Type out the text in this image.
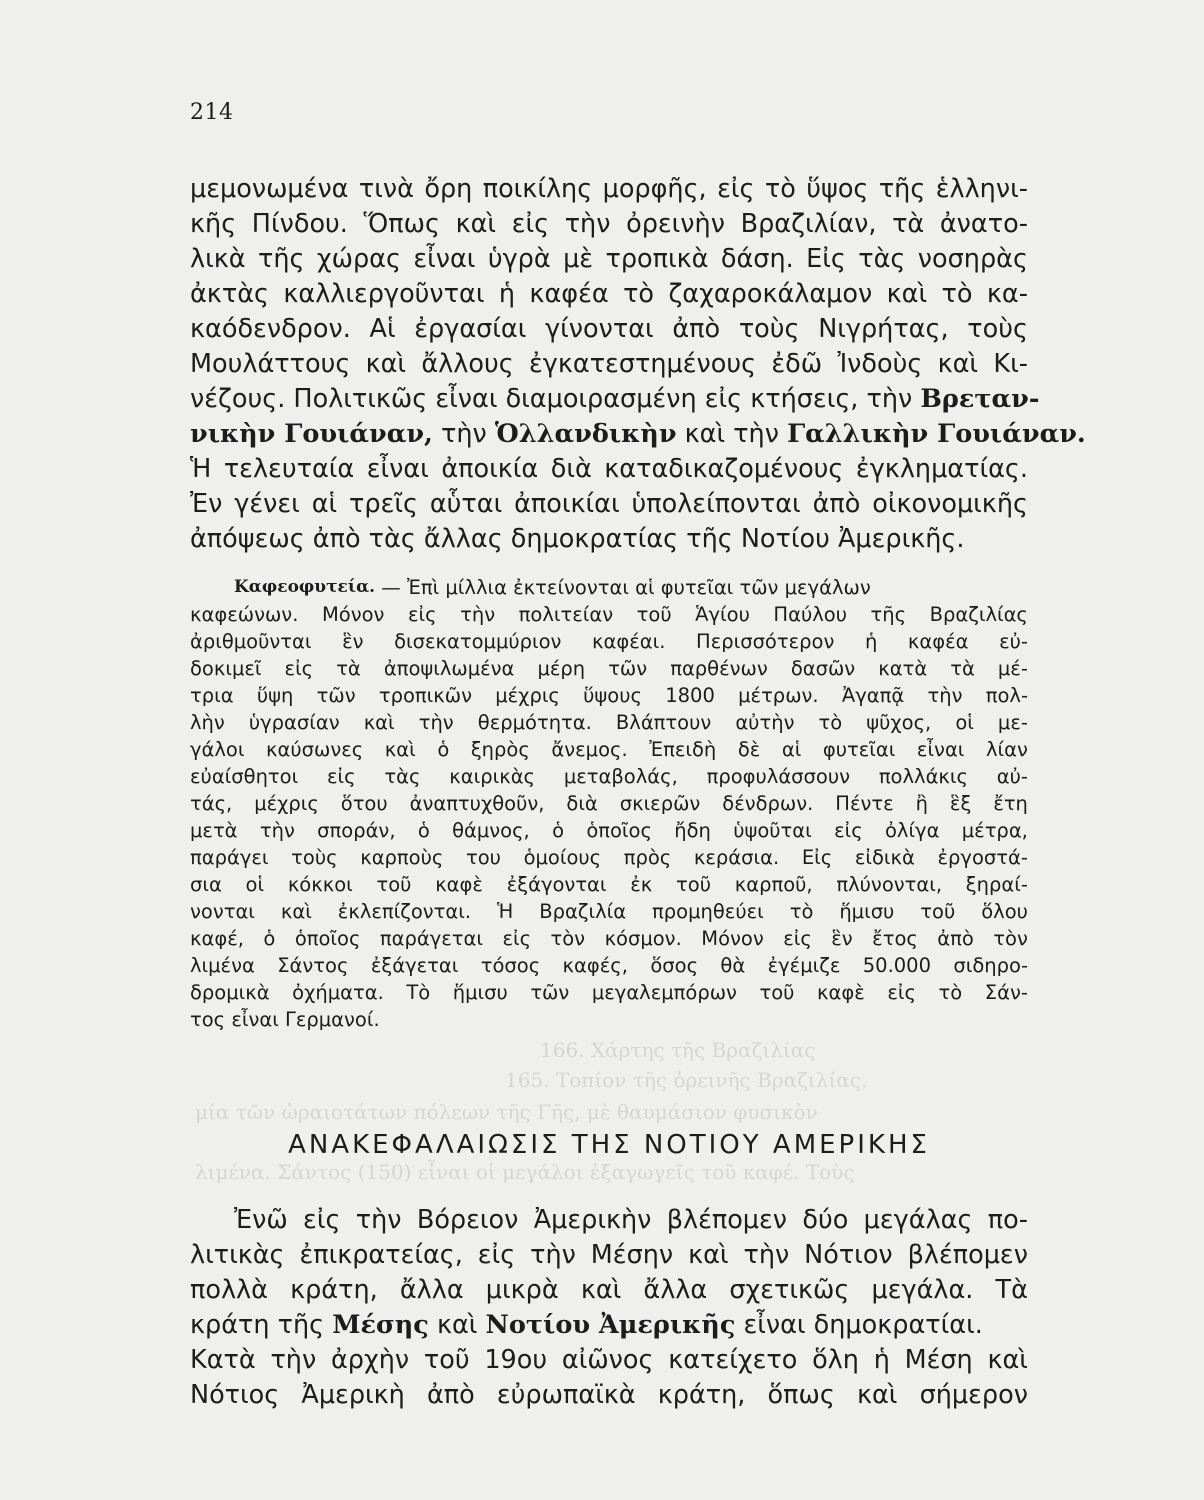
166. Χάρτης τῆς Βραζιλίας
165. Τοπίον τῆς ὀρεινῆς Βραζιλίας.
μία τῶν ὡραιοτάτων πόλεων τῆς Γῆς, μὲ θαυμάσιον φυσικὸν
λιμένα. Σάντος (150) εἶναι οἱ μεγάλοι ἐξαγωγεῖς τοῦ καφέ. Τοὺς
214
μεμονωμένα τινὰ ὄρη ποικίλης μορφῆς, εἰς τὸ ὕψος τῆς ἑλληνι-
κῆς Πίνδου. Ὅπως καὶ εἰς τὴν ὀρεινὴν Βραζιλίαν, τὰ ἀνατο-
λικὰ τῆς χώρας εἶναι ὑγρὰ μὲ τροπικὰ δάση. Εἰς τὰς νοσηρὰς
ἀκτὰς καλλιεργοῦνται ἡ καφέα τὸ ζαχαροκάλαμον καὶ τὸ κα-
καόδενδρον. Αἱ ἐργασίαι γίνονται ἀπὸ τοὺς Νιγρήτας, τοὺς
Μουλάττους καὶ ἄλλους ἐγκατεστημένους ἐδῶ Ἰνδοὺς καὶ Κι-
νέζους. Πολιτικῶς εἶναι διαμοιρασμένη εἰς κτήσεις, τὴν Βρεταν-
νικὴν Γουιάναν, τὴν Ὁλλανδικὴν καὶ τὴν Γαλλικὴν Γουιάναν.
Ἡ τελευταία εἶναι ἀποικία διὰ καταδικαζομένους ἐγκληματίας.
Ἐν γένει αἱ τρεῖς αὗται ἀποικίαι ὑπολείπονται ἀπὸ οἰκονομικῆς
ἀπόψεως ἀπὸ τὰς ἄλλας δημοκρατίας τῆς Νοτίου Ἀμερικῆς.
Καφεοφυτεία.
— Ἐπὶ μίλλια ἐκτείνονται αἱ φυτεῖαι τῶν μεγάλων
καφεώνων. Μόνον εἰς τὴν πολιτείαν τοῦ Ἁγίου Παύλου τῆς Βραζιλίας
ἀριθμοῦνται ἓν δισεκατομμύριον καφέαι. Περισσότερον ἡ καφέα εὐ-
δοκιμεῖ εἰς τὰ ἀποψιλωμένα μέρη τῶν παρθένων δασῶν κατὰ τὰ μέ-
τρια ὕψη τῶν τροπικῶν μέχρις ὕψους 1800 μέτρων. Ἀγαπᾷ τὴν πολ-
λὴν ὑγρασίαν καὶ τὴν θερμότητα. Βλάπτουν αὐτὴν τὸ ψῦχος, οἱ με-
γάλοι καύσωνες καὶ ὁ ξηρὸς ἄνεμος. Ἐπειδὴ δὲ αἱ φυτεῖαι εἶναι λίαν
εὐαίσθητοι εἰς τὰς καιρικὰς μεταβολάς, προφυλάσσουν πολλάκις αὐ-
τάς, μέχρις ὅτου ἀναπτυχθοῦν, διὰ σκιερῶν δένδρων. Πέντε ἢ ἓξ ἔτη
μετὰ τὴν σποράν, ὁ θάμνος, ὁ ὁποῖος ἤδη ὑψοῦται εἰς ὀλίγα μέτρα,
παράγει τοὺς καρποὺς του ὁμοίους πρὸς κεράσια. Εἰς εἰδικὰ ἐργοστά-
σια οἱ κόκκοι τοῦ καφὲ ἐξάγονται ἐκ τοῦ καρποῦ, πλύνονται, ξηραί-
νονται καὶ ἐκλεπίζονται. Ἡ Βραζιλία προμηθεύει τὸ ἥμισυ τοῦ ὅλου
καφέ, ὁ ὁποῖος παράγεται εἰς τὸν κόσμον. Μόνον εἰς ἓν ἔτος ἀπὸ τὸν
λιμένα Σάντος ἐξάγεται τόσος καφές, ὅσος θὰ ἐγέμιζε 50.000 σιδηρο-
δρομικὰ ὀχήματα. Τὸ ἥμισυ τῶν μεγαλεμπόρων τοῦ καφὲ εἰς τὸ Σάν-
τος εἶναι Γερμανοί.
ΑΝΑΚΕΦΑΛΑΙΩΣΙΣ ΤΗΣ ΝΟΤΙΟΥ ΑΜΕΡΙΚΗΣ
Ἐνῶ εἰς τὴν Βόρειον Ἀμερικὴν βλέπομεν δύο μεγάλας πο-
λιτικὰς ἐπικρατείας, εἰς τὴν Μέσην καὶ τὴν Νότιον βλέπομεν
πολλὰ κράτη, ἄλλα μικρὰ καὶ ἄλλα σχετικῶς μεγάλα. Τὰ
κράτη τῆς Μέσης καὶ Νοτίου Ἀμερικῆς εἶναι δημοκρατίαι.
Κατὰ τὴν ἀρχὴν τοῦ 19ου αἰῶνος κατείχετο ὅλη ἡ Μέση καὶ
Νότιος Ἀμερικὴ ἀπὸ εὐρωπαϊκὰ κράτη, ὅπως καὶ σήμερον
